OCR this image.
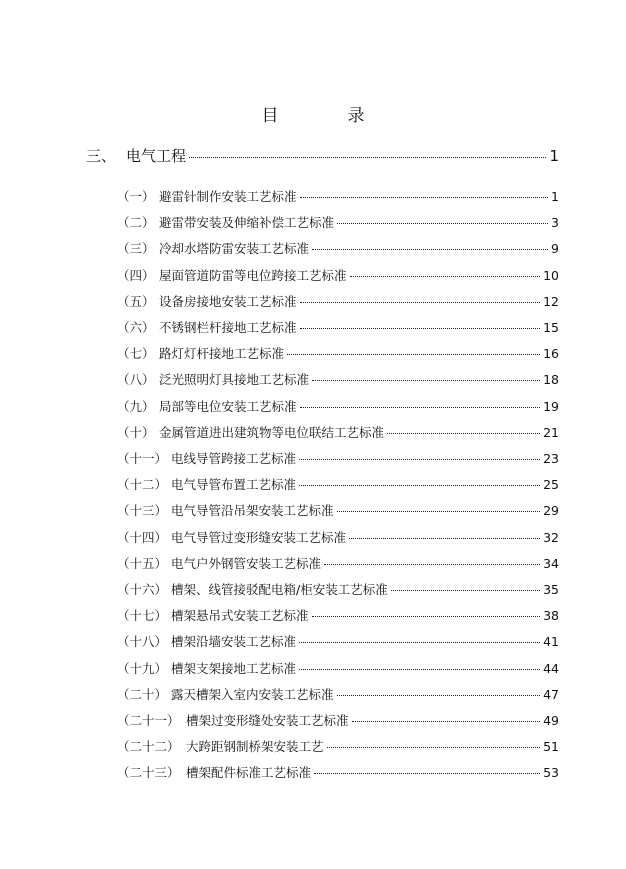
目　录
三、 电气工程	1
（一） 避雷针制作安装工艺标准	1
（二） 避雷带安装及伸缩补偿工艺标准	3
（三） 冷却水塔防雷安装工艺标准	9
（四） 屋面管道防雷等电位跨接工艺标准	10
（五） 设备房接地安装工艺标准	12
（六） 不锈钢栏杆接地工艺标准	15
（七） 路灯灯杆接地工艺标准	16
（八） 泛光照明灯具接地工艺标准	18
（九） 局部等电位安装工艺标准	19
（十） 金属管道进出建筑物等电位联结工艺标准	21
（十一） 电线导管跨接工艺标准	23
（十二） 电气导管布置工艺标准	25
（十三） 电气导管沿吊架安装工艺标准	29
（十四） 电气导管过变形缝安装工艺标准	32
（十五） 电气户外钢管安装工艺标准	34
（十六） 槽架、线管接驳配电箱/柜安装工艺标准	35
（十七） 槽架悬吊式安装工艺标准	38
（十八） 槽架沿墙安装工艺标准	41
（十九） 槽架支架接地工艺标准	44
（二十） 露天槽架入室内安装工艺标准	47
（二十一） 槽架过变形缝处安装工艺标准	49
（二十二） 大跨距钢制桥架安装工艺	51
（二十三） 槽架配件标准工艺标准	53
